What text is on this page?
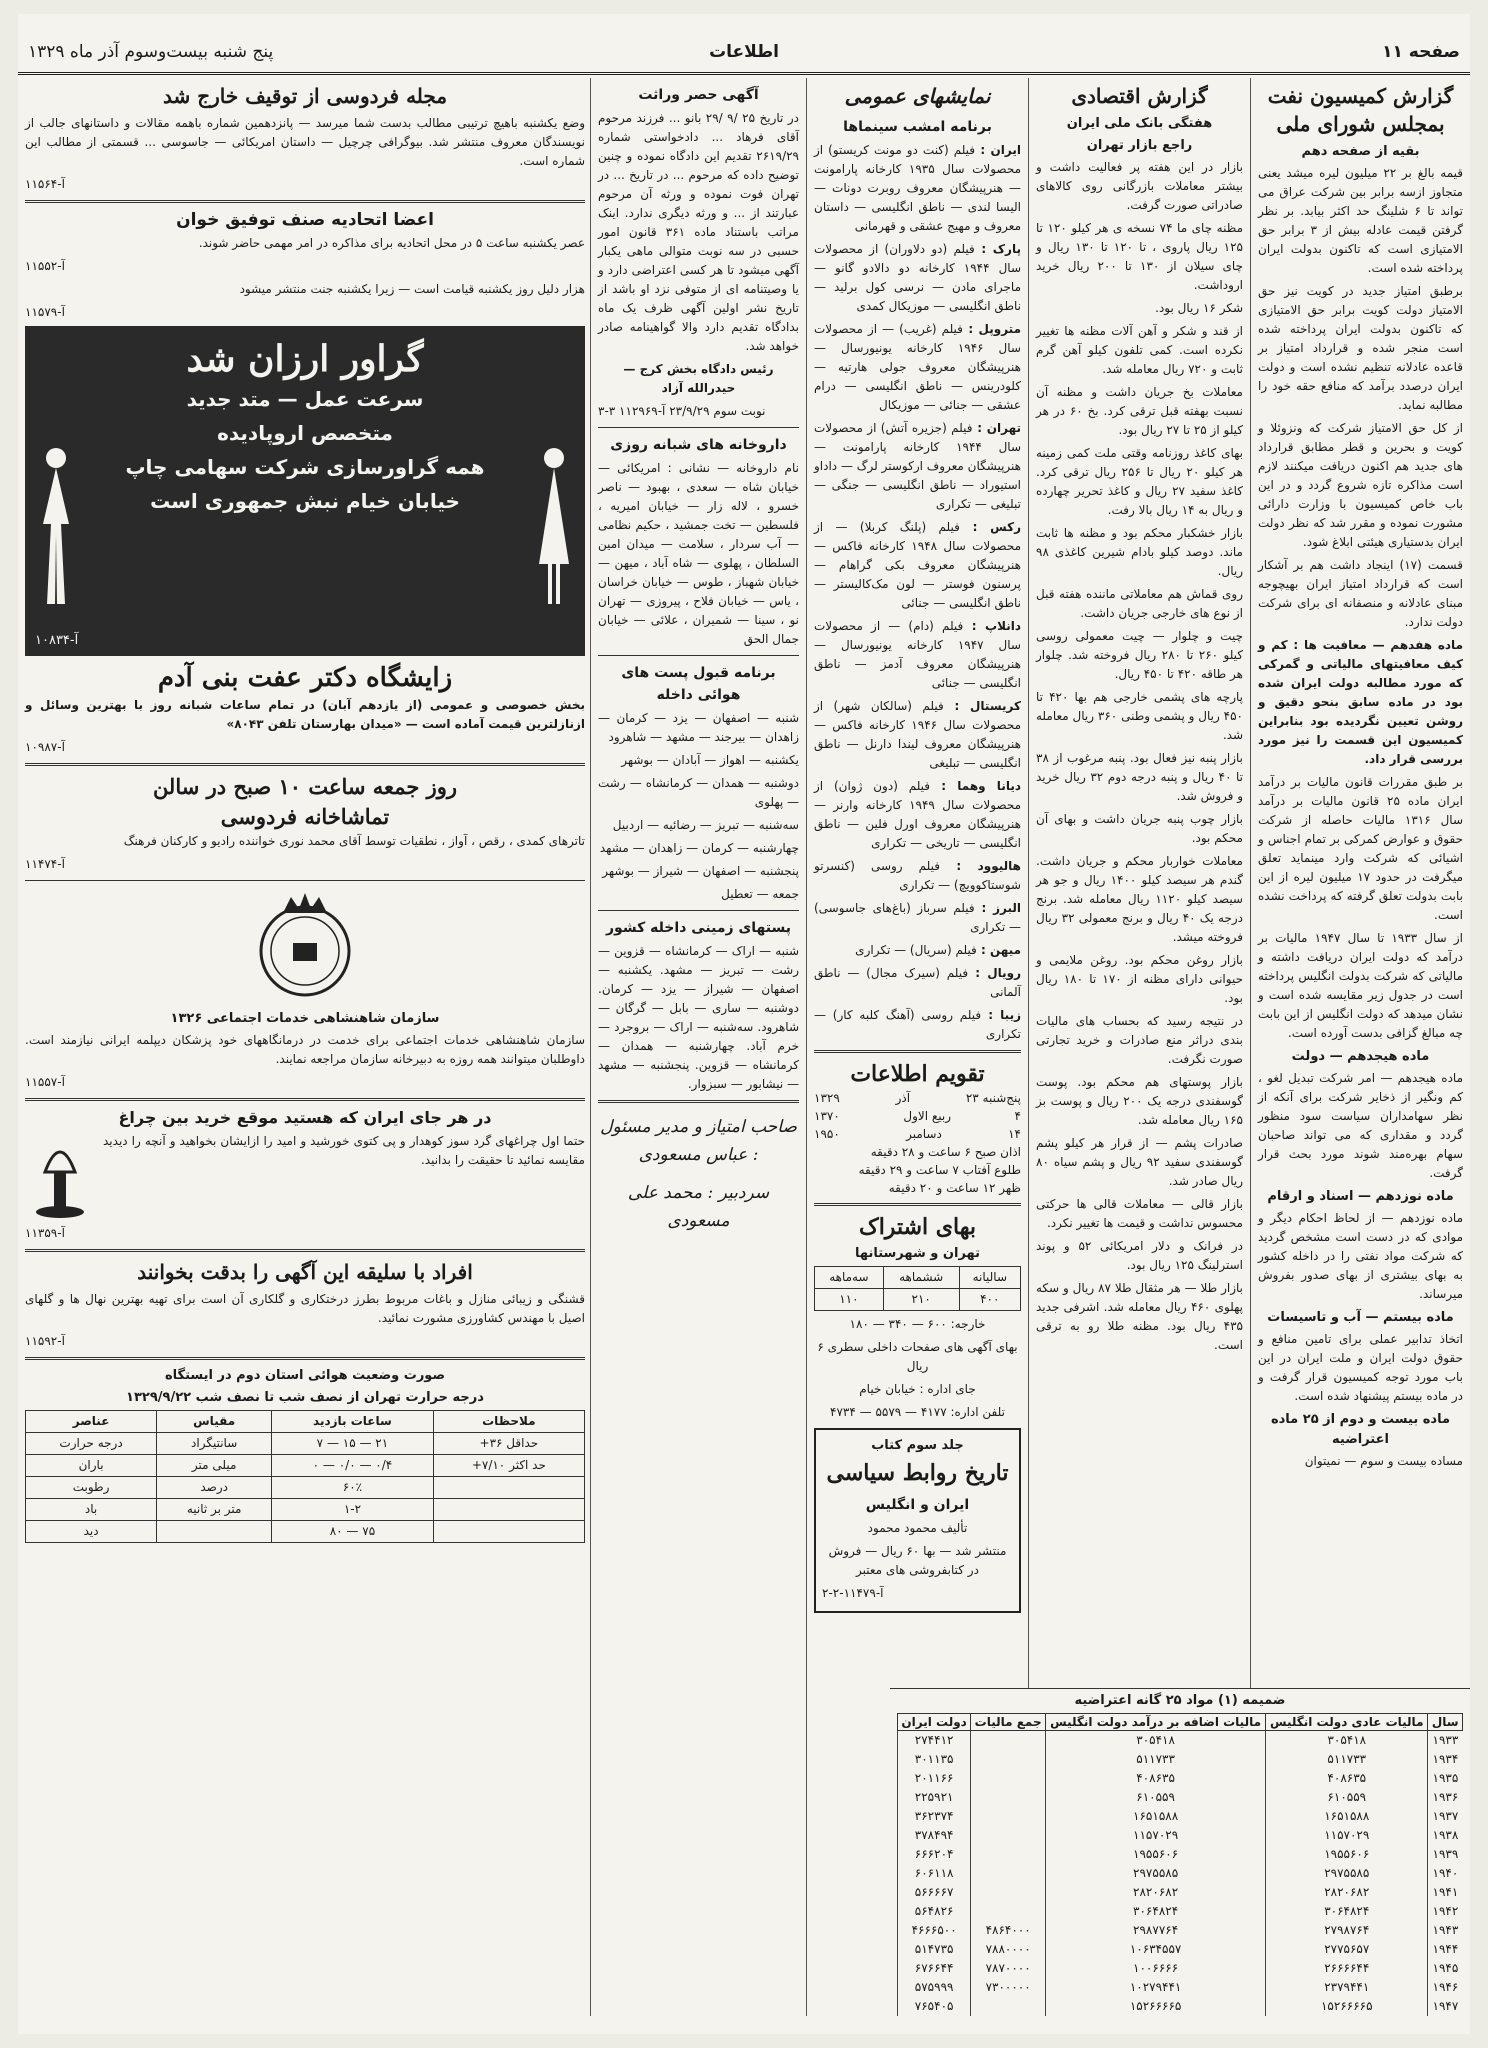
صفحه ۱۱
اطلاعات
پنج شنبه بیست‌وسوم آذر ماه ۱۳۲۹
گزارش کمیسیون نفت بمجلس شورای ملی
بقیه از صفحه دهم

قیمه بالغ بر ۲۲ میلیون لیره میشد یعنی متجاوز ازسه برابر بین شرکت عراق می تواند تا ۶ شلینگ حد اکثر بیابد. بر نظر گرفتن قیمت عادله بیش از ۳ برابر حق الامتیازی است که تاکنون بدولت ایران پرداخته شده است.

برطبق امتیاز جدید در کویت نیز حق الامتیاز دولت کویت برابر حق الامتیازی که تاکنون بدولت ایران پرداخته شده است منجر شده و قرارداد امتیاز بر قاعده عادلانه تنظیم نشده است و دولت ایران درصدد برآمد که منافع حقه خود را مطالبه نماید.

از کل حق الامتیاز شرکت که ونزوئلا و کویت و بحرین و قطر مطابق قرارداد های جدید هم اکنون دریافت میکنند لازم است مذاکره تازه شروع گردد و در این باب خاص کمیسیون با وزارت دارائی مشورت نموده و مقرر شد که نظر دولت ایران بدستیاری هیئتی ابلاغ شود.

قسمت (۱۷) اینجاد داشت هم بر آشکار است که قرارداد امتیاز ایران بهیچوجه مبنای عادلانه و منصفانه ای برای شرکت دولت ندارد.

ماده هفدهم — معافیت ها : کم و کیف معافیتهای مالیاتی و گمرکی که مورد مطالبه دولت ایران شده بود در ماده سابق بنحو دقیق و روشن تعیین نگردیده بود بنابراین کمیسیون این قسمت را نیز مورد بررسی قرار داد.

بر طبق مقررات قانون مالیات بر درآمد ایران ماده ۲۵ قانون مالیات بر درآمد سال ۱۳۱۶ مالیات حاصله از شرکت حقوق و عوارض کمرکی بر تمام اجناس و اشیائی که شرکت وارد مینماید تعلق میگرفت در حدود ۱۷ میلیون لیره از این بابت بدولت تعلق گرفته که پرداخت نشده است.

از سال ۱۹۳۳ تا سال ۱۹۴۷ مالیات بر درآمد که دولت ایران دریافت داشته و مالیاتی که شرکت بدولت انگلیس پرداخته است در جدول زیر مقایسه شده است و نشان میدهد که دولت انگلیس از این بابت چه مبالغ گزافی بدست آورده است.

ماده هیجدهم — دولت

ماده هیجدهم — امر شرکت تبدیل لغو ، کم ونگیر از ذخایر شرکت برای آنکه از نظر سهامداران سیاست سود منظور گردد و مقداری که می تواند صاحبان سهام بهره‌مند شوند مورد بحث قرار گرفت.

ماده نوزدهم — اسناد و ارقام

ماده نوزدهم — از لحاظ احکام دیگر و موادی که در دست است مشخص گردید که شرکت مواد نفتی را در داخله کشور به بهای بیشتری از بهای صدور بفروش میرساند.

ماده بیستم — آب و تاسیسات

اتخاذ تدابیر عملی برای تامین منافع و حقوق دولت ایران و ملت ایران در این باب مورد توجه کمیسیون قرار گرفت و در ماده بیستم پیشنهاد شده است.

ماده بیست و دوم از ۲۵ ماده اعتراضیه

مساده بیست و سوم — نمیتوان

گزارش اقتصادی
هفتگی بانک ملی ایران
راجع بازار تهران

بازار در این هفته پر فعالیت داشت و بیشتر معاملات بازرگانی روی کالاهای صادراتی صورت گرفت.

مظنه چای ما ۷۴ نسخه ی هر کیلو ۱۲۰ تا ۱۲۵ ریال پاروی ، تا ۱۲۰ تا ۱۳۰ ریال و چای سیلان از ۱۳۰ تا ۲۰۰ ریال خرید اروداشت.

شکر ۱۶ ریال بود.

از قند و شکر و آهن آلات مظنه ها تغییر نکرده است. کمی تلفون‌ کیلو آهن گرم ثابت و ۷۲۰ ریال معامله شد.

معاملات بخ جریان داشت و مظنه آن نسبت بهفته قبل ترقی کرد. بخ ۶۰ در هر کیلو از ۲۵ تا ۲۷ ریال بود.

بهای کاغذ روزنامه وقتی ملت کمی زمینه هر کیلو ۲۰ ریال تا ۲۵۶ ریال ترقی کرد. کاغذ سفید ۲۷ ریال و کاغذ تحریر چهارده و ریال به ۱۴ ریال بالا رفت.

بازار خشکبار محکم بود و مظنه ها ثابت ماند. دوصد کیلو بادام شیرین کاغذی ۹۸ ریال.

روی قماش هم معاملاتی ماننده هفته قبل از نوع های خارجی جریان داشت.

چیت و چلوار — چیت معمولی روسی کیلو ۲۶۰ تا ۲۸۰ ریال فروخته شد. چلوار هر طاقه ۴۲۰ تا ۴۵۰ ریال.

پارچه های پشمی خارجی هم بها ۴۲۰ تا ۴۵۰ ریال و پشمی وطنی ۳۶۰ ریال معامله شد.

بازار پنبه نیز فعال بود. پنبه مرغوب از ۳۸ تا ۴۰ ریال و پنبه درجه دوم ۳۲ ریال خرید و فروش شد.

بازار چوب پنبه جریان داشت و بهای آن محکم بود.

معاملات خواربار محکم و جریان داشت. گندم هر سیصد کیلو ۱۴۰۰ ریال و جو هر سیصد کیلو ۱۱۲۰ ریال معامله شد. برنج درجه یک ۴۰ ریال و برنج معمولی ۳۲ ریال فروخته میشد.

بازار روغن محکم بود. روغن ملایمی و حیوانی دارای مظنه از ۱۷۰ تا ۱۸۰ ریال بود.

در نتیجه رسید که بحساب های مالیات بندی دراثر منع صادرات و خرید تجارتی صورت نگرفت.

بازار پوستهای هم محکم بود. پوست گوسفندی درجه یک ۲۰۰ ریال و پوست بز ۱۶۵ ریال معامله شد.

صادرات پشم — از قرار هر کیلو پشم گوسفندی سفید ۹۲ ریال و پشم سیاه ۸۰ ریال صادر شد.

بازار قالی — معاملات قالی ها حرکتی محسوس نداشت و قیمت ها تغییر نکرد.

در فرانک و دلار امریکائی ۵۲ و پوند استرلینگ ۱۲۵ ریال بود.

بازار طلا — هر مثقال طلا ۸۷ ریال و سکه پهلوی ۴۶۰ ریال معامله شد. اشرفی جدید ۴۳۵ ریال بود. مظنه طلا رو به ترقی است.

نمایشهای عمومی
برنامه امشب سینماها

ایران : فیلم (کنت دو مونت کریستو) از محصولات سال ۱۹۳۵ کارخانه پارامونت — هنرپیشگان معروف روبرت دونات — الیسا لندی — ناطق انگلیسی — داستان معروف و مهیج عشقی و قهرمانی

پارک : فیلم (دو دلاوران) از محصولات سال ۱۹۴۴ کارخانه دو دالادو گانو — ماجرای مادن — نرسی کول برلید — ناطق انگلیسی — موزیکال کمدی

متروپل : فیلم (غریب) — از محصولات سال ۱۹۴۶ کارخانه یونیورسال — هنرپیشگان معروف جولی هارتیه — کلودرینس — ناطق انگلیسی — درام عشقی — جنائی — موزیکال

تهران : فیلم (جزیره آتش) از محصولات سال ۱۹۴۴ کارخانه پارامونت — هنرپیشگان معروف ارکوستر لرگ — داداو استیوراد — ناطق انگلیسی — جنگی — تبلیغی — تکراری

رکس : فیلم (پلنگ کربلا) — از محصولات سال ۱۹۴۸ کارخانه فاکس — هنرپیشگان معروف بکی گراهام — پرسنون فوستر — لون مک‌کالیستر — ناطق انگلیسی — جنائی

دانلاپ : فیلم (دام) — از محصولات سال ۱۹۴۷ کارخانه یونیورسال — هنرپیشگان معروف آدمز — ناطق انگلیسی — جنائی

کریستال : فیلم (سالکان شهر) از محصولات سال ۱۹۴۶ کارخانه فاکس — هنرپیشگان معروف لیندا دارنل — ناطق انگلیسی — تبلیغی

دیانا وهما : فیلم (دون ژوان) از محصولات سال ۱۹۴۹ کارخانه وارنر — هنرپیشگان معروف اورل فلین — ناطق انگلیسی — تاریخی — تکراری

هالیوود : فیلم روسی (کنسرتو شوستاکوویچ) — تکراری

البرز : فیلم سرباز (باغ‌های جاسوسی) — تکراری

میهن : فیلم (سریال) — تکراری

رویال : فیلم (سیرک مجال) — ناطق آلمانی

زیبا : فیلم روسی (آهنگ کلبه کار) — تکراری

تقویم اطلاعات
پنج‌شنبه ۲۳
آذر
۱۳۲۹
۴
ربیع الاول
۱۳۷۰
۱۴
دسامبر
۱۹۵۰
اذان صبح ۶ ساعت و ۲۸ دقیقه
طلوع آفتاب ۷ ساعت و ۲۹ دقیقه
ظهر ۱۲ ساعت و ۲۰ دقیقه
بهای اشتراک
تهران و شهرستانها
ساليانه	ششماهه	سه‌ماهه
۴۰۰	۲۱۰	۱۱۰

خارجه: ۶۰۰ — ۳۴۰ — ۱۸۰

بهای آگهی های صفحات داخلی سطری ۶ ریال

جای اداره : خیابان خیام

تلفن اداره: ۴۱۷۷ — ۵۵۷۹ — ۴۷۳۴

جلد سوم کتاب
تاریخ روابط سیاسی
ایران و انگلیس

تألیف محمود محمود

منتشر شد — بها ۶۰ ریال — فروش در کتابفروشی های معتبر

آ-۱۱۴۷۹-۲-۲
آگهی حصر وراثت

در تاریخ ۲۵ /۹ /۲۹ بانو ... فرزند مرحوم آقای فرهاد ... دادخواستی شماره ۲۶۱۹/۲۹ تقدیم این دادگاه نموده و چنین توضیح داده که مرحوم ... در تاریخ ... در تهران فوت نموده و ورثه آن مرحوم عبارتند از ... و ورثه دیگری ندارد. اینک مراتب باستناد ماده ۳۶۱ قانون امور حسبی در سه نوبت متوالی ماهی یکبار آگهی میشود تا هر کسی اعتراضی دارد و یا وصیتنامه ای از متوفی نزد او باشد از تاریخ نشر اولین آگهی ظرف یک ماه بدادگاه تقدیم دارد والا گواهینامه صادر خواهد شد.

رئیس دادگاه بخش کرج — حیدرالله آزاد

۳-۳ نوبت سوم ۲۳/۹/۲۹ آ-۱۱۲۹۶۹
داروخانه های شبانه روزی

نام داروخانه — نشانی : امریکائی — خیابان شاه — سعدی ، بهبود — ناصر خسرو ، لاله زار — خیابان امیریه ، فلسطین — تخت جمشید ، حکیم نظامی — آب سردار ، سلامت — میدان امین السلطان ، پهلوی — شاه آباد ، میهن — خیابان شهباز ، طوس — خیابان خراسان ، یاس — خیابان فلاح ، پیروزی — تهران نو ، سینا — شمیران ، علائی — خیابان جمال الحق

برنامه قبول پست های هوائی داخله

شنبه — اصفهان — یزد — کرمان — زاهدان — بیرجند — مشهد — شاهرود

یکشنبه — اهواز — آبادان — بوشهر

دوشنبه — همدان — کرمانشاه — رشت — پهلوی

سه‌شنبه — تبریز — رضائیه — اردبیل

چهارشنبه — کرمان — زاهدان — مشهد

پنجشنبه — اصفهان — شیراز — بوشهر

جمعه — تعطیل

پستهای زمینی داخله کشور

شنبه — اراک — کرمانشاه — قزوین — رشت — تبریز — مشهد. یکشنبه — اصفهان — شیراز — یزد — کرمان. دوشنبه — ساری — بابل — گرگان — شاهرود. سه‌شنبه — اراک — بروجرد — خرم آباد. چهارشنبه — همدان — کرمانشاه — قزوین. پنجشنبه — مشهد — نیشابور — سبزوار.

صاحب امتیاز و مدیر مسئول : عباس مسعودی
سردبیر : محمد علی مسعودی
مجله فردوسی از توقیف خارج شد

وضع یکشنبه باهیچ ترتیبی مطالب بدست شما میرسد — پانزدهمین شماره باهمه مقالات و داستانهای جالب از نویسندگان معروف منتشر شد. بیوگرافی چرچیل — داستان امریکائی — جاسوسی ... قسمتی از مطالب این شماره است.

آ-۱۱۵۶۴
اعضا اتحادیه صنف توفیق خوان

عصر یکشنبه ساعت ۵ در محل اتحادیه برای مذاکره در امر مهمی حاضر شوند.

آ-۱۱۵۵۲

هزار دلیل روز یکشنبه قیامت است — زیرا یکشنبه جنت منتشر میشود

آ-۱۱۵۷۹
گراور ارزان شد
سرعت عمل — متد جدید
متخصص اروپادیده
همه گراورسازی شرکت سهامی چاپ
خیابان خیام نبش جمهوری است
آ-۱۰۸۳۴
زایشگاه دکتر عفت بنی آدم

بخش خصوصی و عمومی (از یازدهم آبان) در تمام ساعات شبانه روز با بهترین وسائل و ازنازلترین قیمت آماده است — «میدان بهارستان تلفن ۸۰۴۳»

آ-۱۰۹۸۷
روز جمعه ساعت ۱۰ صبح در سالن
تماشاخانه فردوسی

تاترهای کمدی ، رقص ، آواز ، نطقیات توسط آقای محمد نوری خواننده رادیو و کارکنان فرهنگ

آ-۱۱۴۷۴
سازمان شاهنشاهی خدمات اجتماعی ۱۳۲۶

سازمان شاهنشاهی خدمات اجتماعی برای خدمت در درمانگاههای خود پزشکان دیپلمه ایرانی نیازمند است. داوطلبان میتوانند همه روزه به دبیرخانه سازمان مراجعه نمایند.

آ-۱۱۵۵۷
در هر جای ایران که هستید موقع خرید بین چراغ

حتما اول چراغهای گرد سوز کوهدار و پی کتوی خورشید و امید را ازایشان بخواهید و آنچه را دیدید مقایسه نمائید تا حقیقت را بدانید.

آ-۱۱۳۵۹
افراد با سلیقه این آگهی را بدقت بخوانند

قشنگی و زیبائی منازل و باغات مربوط بطرز درختکاری و گلکاری آن است برای تهیه بهترین نهال ها و گلهای اصیل با مهندس کشاورزی مشورت نمائید.

آ-۱۱۵۹۲
صورت وضعیت هوائی استان دوم در ایستگاه
درجه حرارت تهران از نصف شب تا نصف شب ۱۳۲۹/۹/۲۲
ملاحظات	ساعات بازدید	مقیاس	عناصر
حداقل ۳۶+	۲۱ — ۱۵ — ۷	سانتیگراد	درجه حرارت
حد اکثر ۷/۱۰+	۰/۴ — ۰/۰ — ۰	میلی متر	باران
	۶۰٪	درصد	رطوبت
	۱-۲	متر بر ثانیه	باد
	۷۵ — ۸۰		دید
ضمیمه (۱) مواد ۲۵ گانه اعتراضیه
سال	مالیات عادی دولت انگلیس	مالیات اضافه بر درآمد دولت انگلیس	جمع مالیات	دولت ایران
۱۹۳۳	۳۰۵۴۱۸	۳۰۵۴۱۸		۲۷۴۴۱۲
۱۹۳۴	۵۱۱۷۳۳	۵۱۱۷۳۳		۳۰۱۱۳۵
۱۹۳۵	۴۰۸۶۳۵	۴۰۸۶۳۵		۲۰۱۱۶۶
۱۹۳۶	۶۱۰۵۵۹	۶۱۰۵۵۹		۲۲۵۹۲۱
۱۹۳۷	۱۶۵۱۵۸۸	۱۶۵۱۵۸۸		۳۶۲۳۷۴
۱۹۳۸	۱۱۵۷۰۲۹	۱۱۵۷۰۲۹		۳۷۸۴۹۴
۱۹۳۹	۱۹۵۵۶۰۶	۱۹۵۵۶۰۶		۶۶۶۲۰۴
۱۹۴۰	۲۹۷۵۵۸۵	۲۹۷۵۵۸۵		۶۰۶۱۱۸
۱۹۴۱	۲۸۲۰۶۸۲	۲۸۲۰۶۸۲		۵۶۶۶۶۷
۱۹۴۲	۳۰۶۴۸۲۴	۳۰۶۴۸۲۴		۵۶۴۸۲۶
۱۹۴۳	۲۷۹۸۷۶۴	۲۹۸۷۷۶۴	۴۸۶۴۰۰۰	۴۶۶۶۵۰۰
۱۹۴۴	۲۷۷۵۶۵۷	۱۰۶۳۴۵۵۷	۷۸۸۰۰۰۰	۵۱۴۷۳۵
۱۹۴۵	۲۶۶۶۶۴۴	۱۰۰۶۶۶۶	۷۸۷۰۰۰۰	۶۷۶۶۴۴
۱۹۴۶	۲۳۷۹۴۴۱	۱۰۲۷۹۴۴۱	۷۳۰۰۰۰۰	۵۷۵۹۹۹
۱۹۴۷	۱۵۲۶۶۶۶۵	۱۵۲۶۶۶۶۵		۷۶۵۴۰۵
